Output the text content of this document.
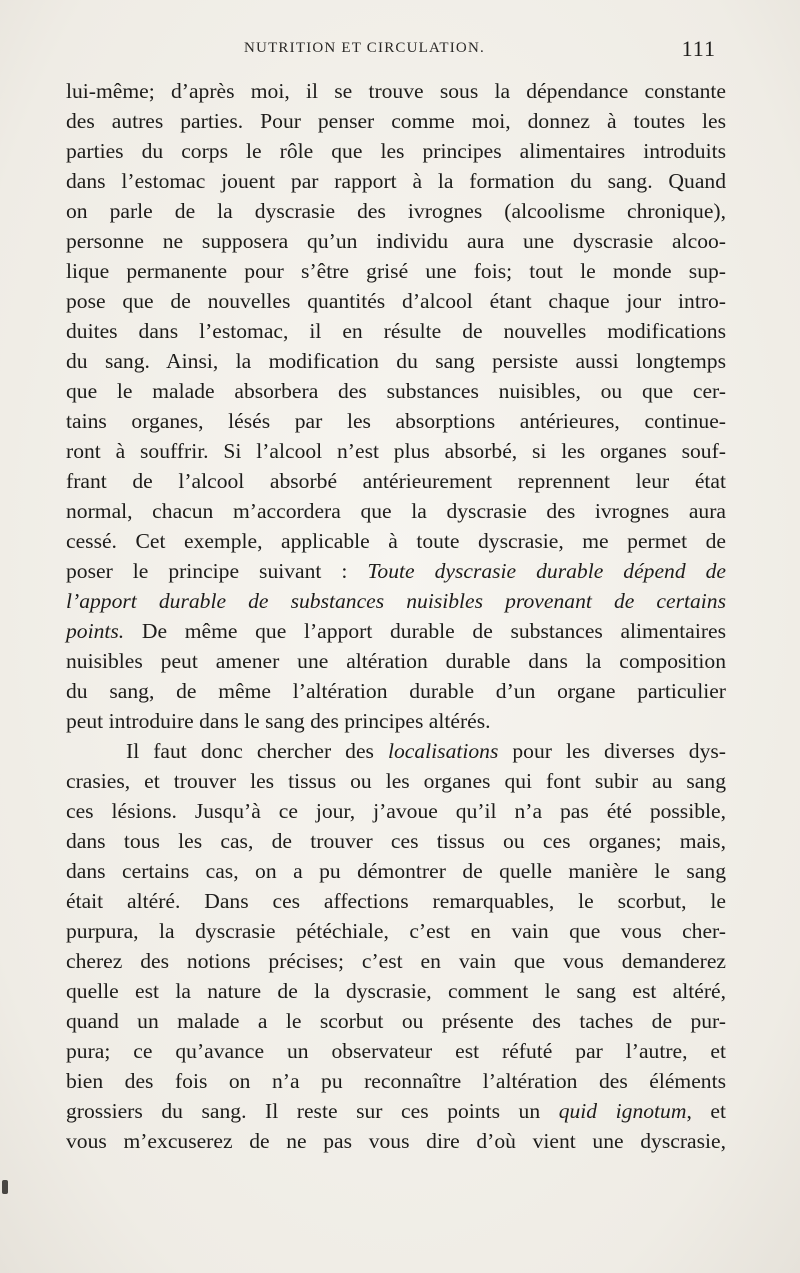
NUTRITION ET CIRCULATION.	111
lui-même; d’après moi, il se trouve sous la dépendance constante
des autres parties. Pour penser comme moi, donnez à toutes les
parties du corps le rôle que les principes alimentaires introduits
dans l’estomac jouent par rapport à la formation du sang. Quand
on parle de la dyscrasie des ivrognes (alcoolisme chronique),
personne ne supposera qu’un individu aura une dyscrasie alcoo-
lique permanente pour s’être grisé une fois; tout le monde sup-
pose que de nouvelles quantités d’alcool étant chaque jour intro-
duites dans l’estomac, il en résulte de nouvelles modifications
du sang. Ainsi, la modification du sang persiste aussi longtemps
que le malade absorbera des substances nuisibles, ou que cer-
tains organes, lésés par les absorptions antérieures, continue-
ront à souffrir. Si l’alcool n’est plus absorbé, si les organes souf-
frant de l’alcool absorbé antérieurement reprennent leur état
normal, chacun m’accordera que la dyscrasie des ivrognes aura
cessé. Cet exemple, applicable à toute dyscrasie, me permet de
poser le principe suivant : Toute dyscrasie durable dépend de
l’apport durable de substances nuisibles provenant de certains
points. De même que l’apport durable de substances alimentaires
nuisibles peut amener une altération durable dans la composition
du sang, de même l’altération durable d’un organe particulier
peut introduire dans le sang des principes altérés.
Il faut donc chercher des localisations pour les diverses dys-
crasies, et trouver les tissus ou les organes qui font subir au sang
ces lésions. Jusqu’à ce jour, j’avoue qu’il n’a pas été possible,
dans tous les cas, de trouver ces tissus ou ces organes; mais,
dans certains cas, on a pu démontrer de quelle manière le sang
était altéré. Dans ces affections remarquables, le scorbut, le
purpura, la dyscrasie pétéchiale, c’est en vain que vous cher-
cherez des notions précises; c’est en vain que vous demanderez
quelle est la nature de la dyscrasie, comment le sang est altéré,
quand un malade a le scorbut ou présente des taches de pur-
pura; ce qu’avance un observateur est réfuté par l’autre, et
bien des fois on n’a pu reconnaître l’altération des éléments
grossiers du sang. Il reste sur ces points un quid ignotum, et
vous m’excuserez de ne pas vous dire d’où vient une dyscrasie,
